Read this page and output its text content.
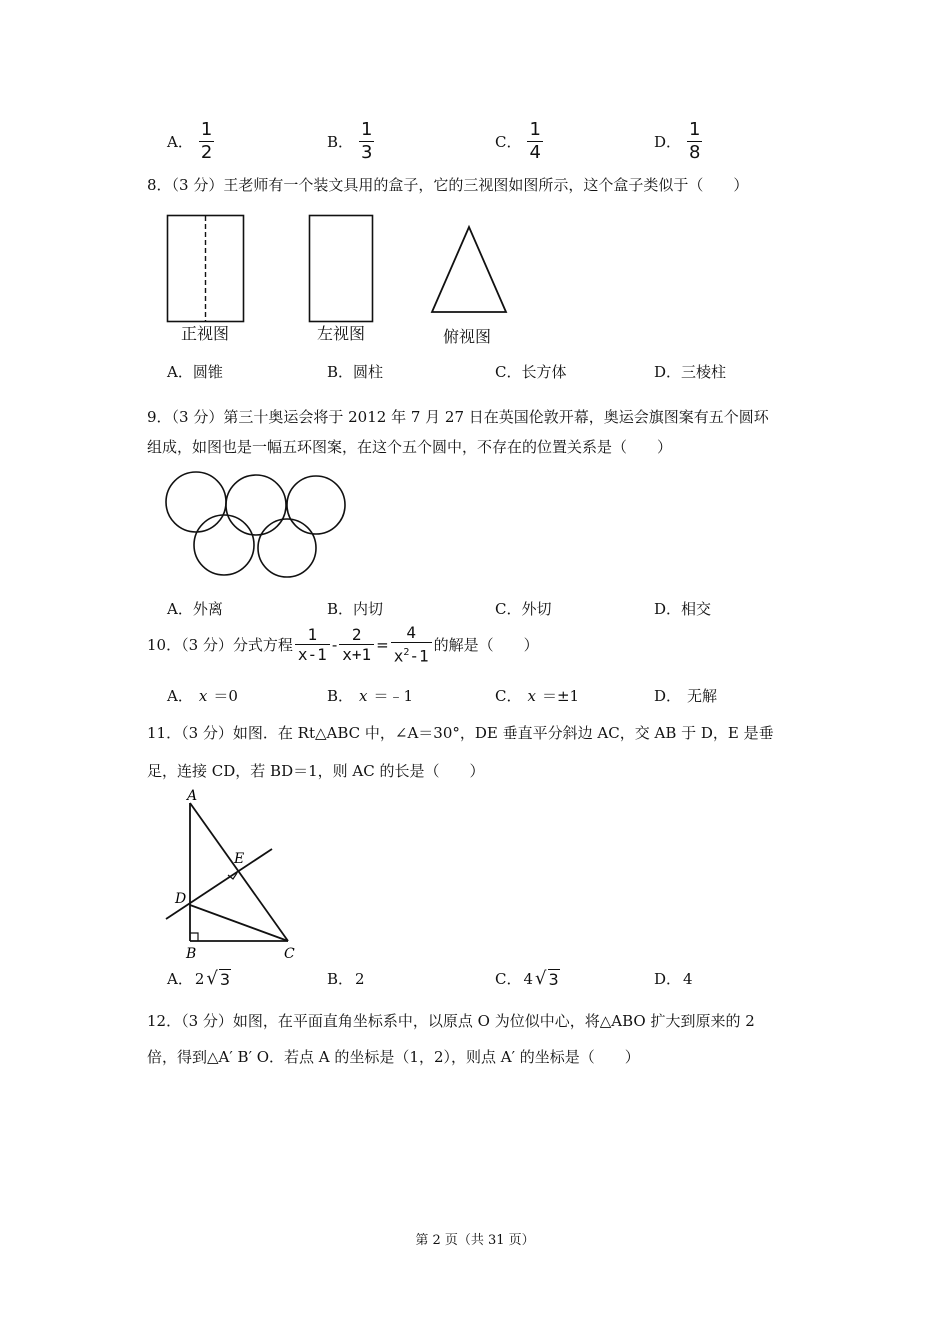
A． $\frac{1}{2}$	B． $\frac{1}{3}$	C． $\frac{1}{4}$	D． $\frac{1}{8}$
8．（3 分）王老师有一个装文具用的盒子，它的三视图如图所示，这个盒子类似于（　　）
正视图	左视图	俯视图
A．圆锥	B．圆柱	C．长方体	D．三棱柱
9．（3 分）第三十奥运会将于 2012 年 7 月 27 日在英国伦敦开幕，奥运会旗图案有五个圆环
组成，如图也是一幅五环图案，在这个五个圆中，不存在的位置关系是（　　）
A．外离	B．内切	C．外切	D．相交
10．（3 分）分式方程 $\frac{1}{x-1} - \frac{2}{x+1} = \frac{4}{x^2-1}$ 的解是（　　）
A． x ＝0	B． x ＝﹣1	C． x ＝±1	D． 无解
11．（3 分）如图．在 Rt△ABC 中，∠A＝30°，DE 垂直平分斜边 AC，交 AB 于 D，E 是垂
足，连接 CD，若 BD＝1，则 AC 的长是（　　）
A
D
E
B	C
A． 2 √ 3	B． 2	C． 4 √ 3	D． 4
12．（3 分）如图，在平面直角坐标系中，以原点 O 为位似中心，将△ABO 扩大到原来的 2
倍，得到△A′ B′ O．若点 A 的坐标是（1，2），则点 A′ 的坐标是（　　）
第 2 页（共 31 页）
